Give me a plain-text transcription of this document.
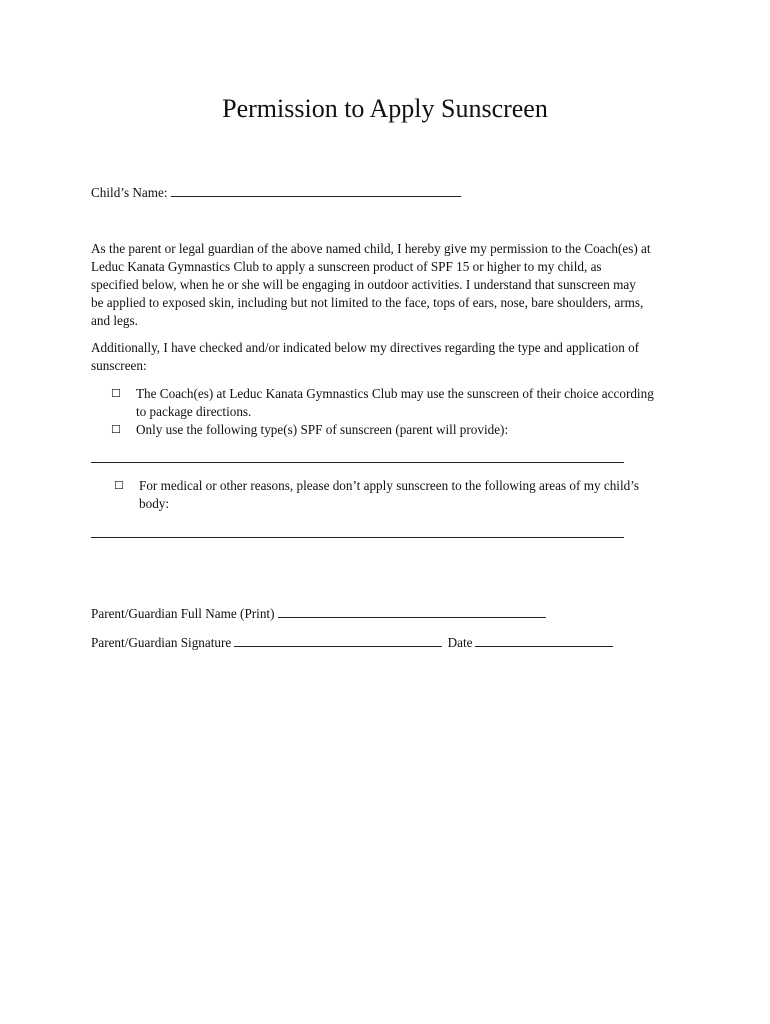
Permission to Apply Sunscreen
Child’s Name:
As the parent or legal guardian of the above named child, I hereby give my permission to the Coach(es) at
Leduc Kanata Gymnastics Club to apply a sunscreen product of SPF 15 or higher to my child, as
specified below, when he or she will be engaging in outdoor activities. I understand that sunscreen may
be applied to exposed skin, including but not limited to the face, tops of ears, nose, bare shoulders, arms,
and legs.
Additionally, I have checked and/or indicated below my directives regarding the type and application of
sunscreen:
☐ The Coach(es) at Leduc Kanata Gymnastics Club may use the sunscreen of their choice according
to package directions.
☐ Only use the following type(s) SPF of sunscreen (parent will provide):
☐ For medical or other reasons, please don’t apply sunscreen to the following areas of my child’s
body:
Parent/Guardian Full Name (Print)
Parent/Guardian Signature	Date
